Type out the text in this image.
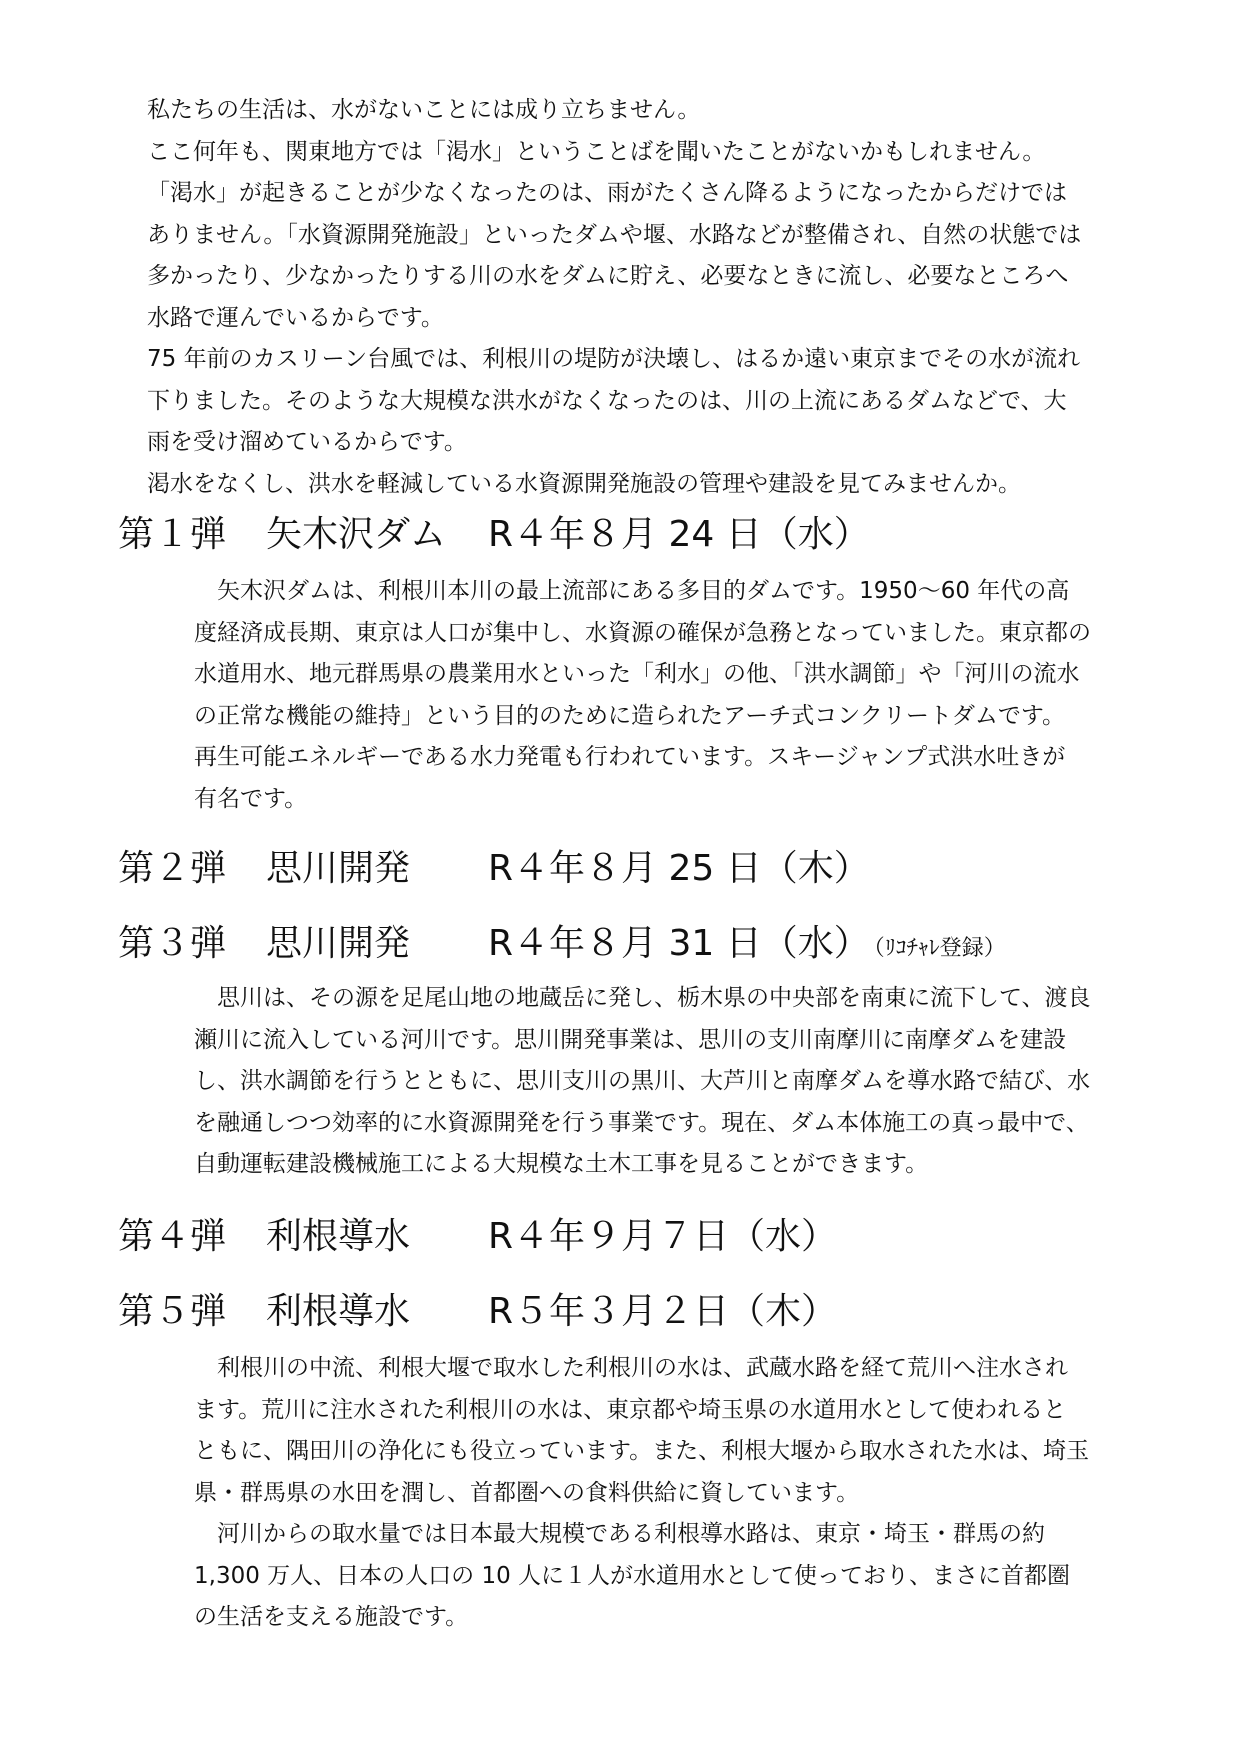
私たちの生活は、水がないことには成り立ちません。

ここ何年も、関東地方では「渇水」ということばを聞いたことがないかもしれません。

「渇水」が起きることが少なくなったのは、雨がたくさん降るようになったからだけでは
ありません。「水資源開発施設」といったダムや堰、水路などが整備され、自然の状態では
多かったり、少なかったりする川の水をダムに貯え、必要なときに流し、必要なところへ
水路で運んでいるからです。

75 年前のカスリーン台風では、利根川の堤防が決壊し、はるか遠い東京までその水が流れ
下りました。そのような大規模な洪水がなくなったのは、川の上流にあるダムなどで、大
雨を受け溜めているからです。

渇水をなくし、洪水を軽減している水資源開発施設の管理や建設を見てみませんか。

第１弾 矢木沢ダム R４年８月 24 日（水）

　矢木沢ダムは、利根川本川の最上流部にある多目的ダムです。1950～60 年代の高
度経済成長期、東京は人口が集中し、水資源の確保が急務となっていました。東京都の
水道用水、地元群馬県の農業用水といった「利水」の他、「洪水調節」や「河川の流水
の正常な機能の維持」という目的のために造られたアーチ式コンクリートダムです。
再生可能エネルギーである水力発電も行われています。スキージャンプ式洪水吐きが
有名です。

第２弾 思川開発 R４年８月 25 日（木）
第３弾 思川開発 R４年８月 31 日（水） （ﾘｺﾁｬﾚ登録）

　思川は、その源を足尾山地の地蔵岳に発し、栃木県の中央部を南東に流下して、渡良
瀬川に流入している河川です。思川開発事業は、思川の支川南摩川に南摩ダムを建設
し、洪水調節を行うとともに、思川支川の黒川、大芦川と南摩ダムを導水路で結び、水
を融通しつつ効率的に水資源開発を行う事業です。現在、ダム本体施工の真っ最中で、
自動運転建設機械施工による大規模な土木工事を見ることができます。

第４弾 利根導水 R４年９月７日（水）
第５弾 利根導水 R５年３月２日（木）

　利根川の中流、利根大堰で取水した利根川の水は、武蔵水路を経て荒川へ注水され
ます。荒川に注水された利根川の水は、東京都や埼玉県の水道用水として使われると
ともに、隅田川の浄化にも役立っています。また、利根大堰から取水された水は、埼玉
県・群馬県の水田を潤し、首都圏への食料供給に資しています。

　河川からの取水量では日本最大規模である利根導水路は、東京・埼玉・群馬の約
1,300 万人、日本の人口の 10 人に１人が水道用水として使っており、まさに首都圏
の生活を支える施設です。
